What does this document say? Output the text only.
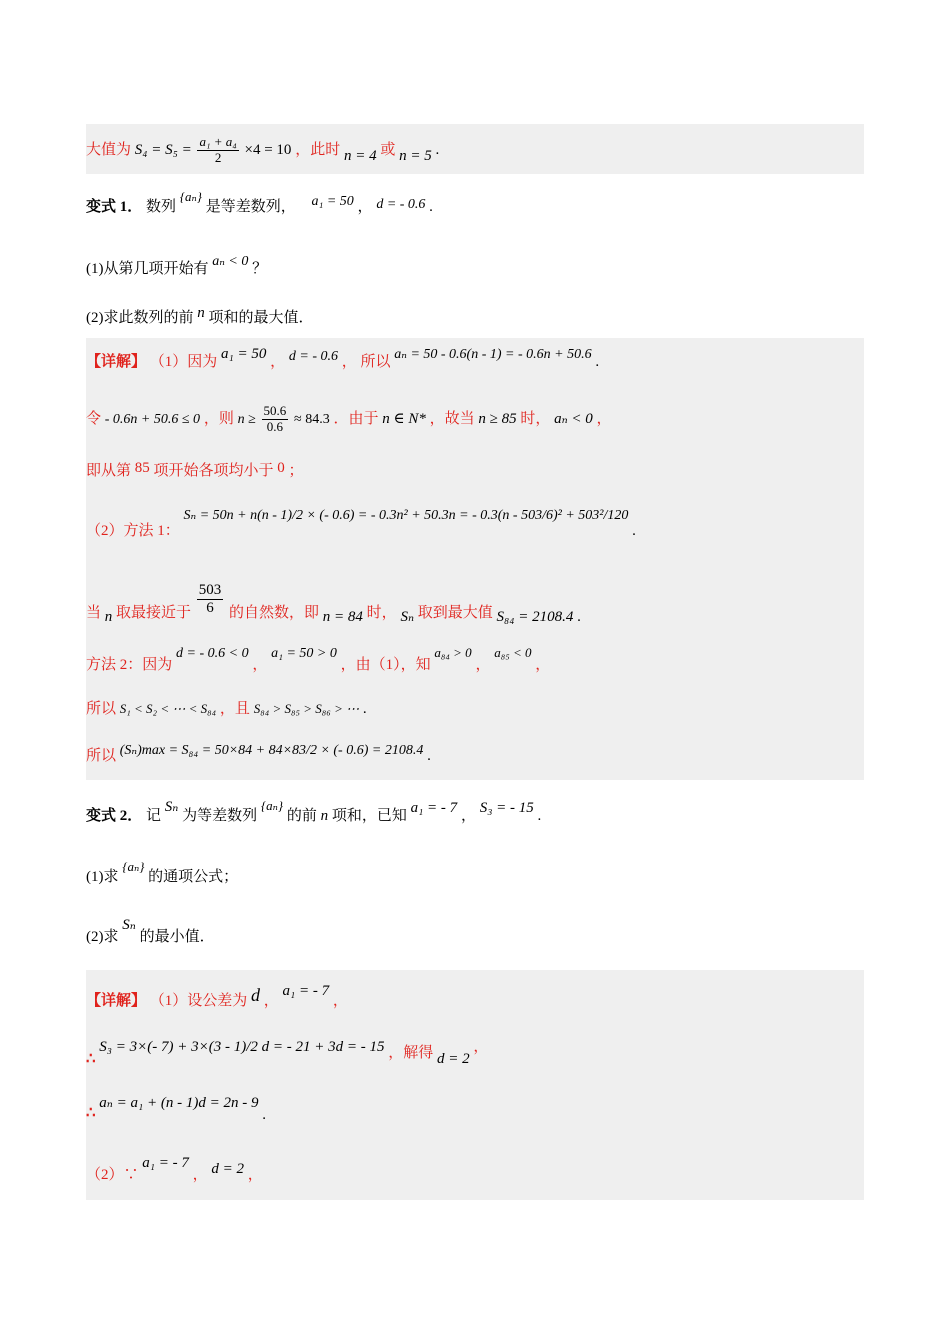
大值为 $S_4 = S_5 = \frac{\text{a₁ + a₄}}{2} \times 4 = 10$ ，此时 n = 4 或 n = 5 .
变式 1． 数列 {aₙ} 是等差数列， a₁ = 50 ， d = - 0.6 .
(1)从第几项开始有 aₙ < 0 ？
(2)求此数列的前 n 项和的最大值．
【详解】 （1）因为 a₁ = 50 ， d = - 0.6 ， 所以 aₙ = 50 - 0.6(n - 1) = - 0.6n + 50.6 .
令 - 0.6n + 50.6 ≤ 0 ，则 $n \ge \frac{50.6}{0.6} \approx 84.3$ ．由于 n ∈ N* ，故当 n ≥ 85 时， aₙ < 0 ，
即从第 85 项开始各项均小于 0 ；
（2）方法 1： Sₙ = 50n + n(n - 1)/2 × (- 0.6) = - 0.3n² + 50.3n = - 0.3(n - 503/6)² + 503²/120 .
当 n 取最接近于 $\frac{503}{6}$ 的自然数，即 n = 84 时， Sₙ 取到最大值 S₈₄ = 2108.4 .
方法 2：因为 d = - 0.6 < 0 ， a₁ = 50 > 0 ，由（1），知 a₈₄ > 0 ， a₈₅ < 0 ，
所以 S₁ < S₂ < ⋯ < S₈₄ ，且 S₈₄ > S₈₅ > S₈₆ > ⋯ .
所以 (Sₙ)max = S₈₄ = 50×84 + 84×83/2 × (- 0.6) = 2108.4 .
变式 2． 记 Sₙ 为等差数列 {aₙ} 的前 n 项和，已知 a₁ = - 7 ， S₃ = - 15 .
(1)求 {aₙ} 的通项公式；
(2)求 Sₙ 的最小值．
【详解】 （1）设公差为 d ， a₁ = - 7 ，
∴ S₃ = 3×(- 7) + 3×(3 - 1)/2 d = - 21 + 3d = - 15 ，解得 d = 2 ，
∴ aₙ = a₁ + (n - 1)d = 2n - 9 .
（2）∵ a₁ = - 7 ， d = 2 ，
